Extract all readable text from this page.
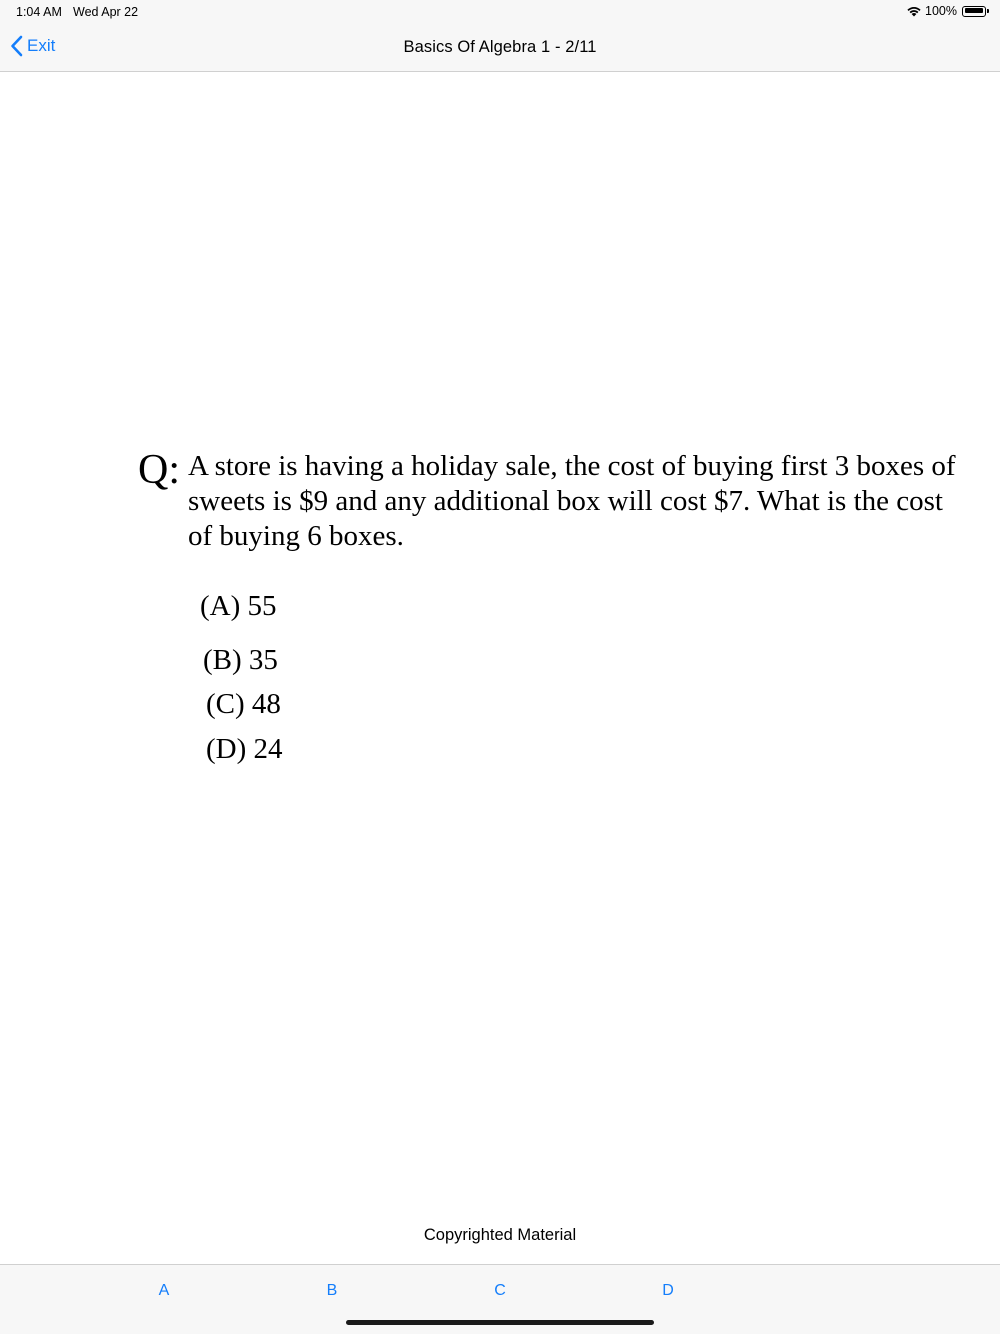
1:04 AM Wed Apr 22	100%
Exit	Basics Of Algebra 1 - 2/11
Q: A store is having a holiday sale, the cost of buying first 3 boxes of sweets is $9 and any additional box will cost $7. What is the cost of buying 6 boxes.
(A) 55
(B) 35
(C) 48
(D) 24
Copyrighted Material
A	B	C	D
